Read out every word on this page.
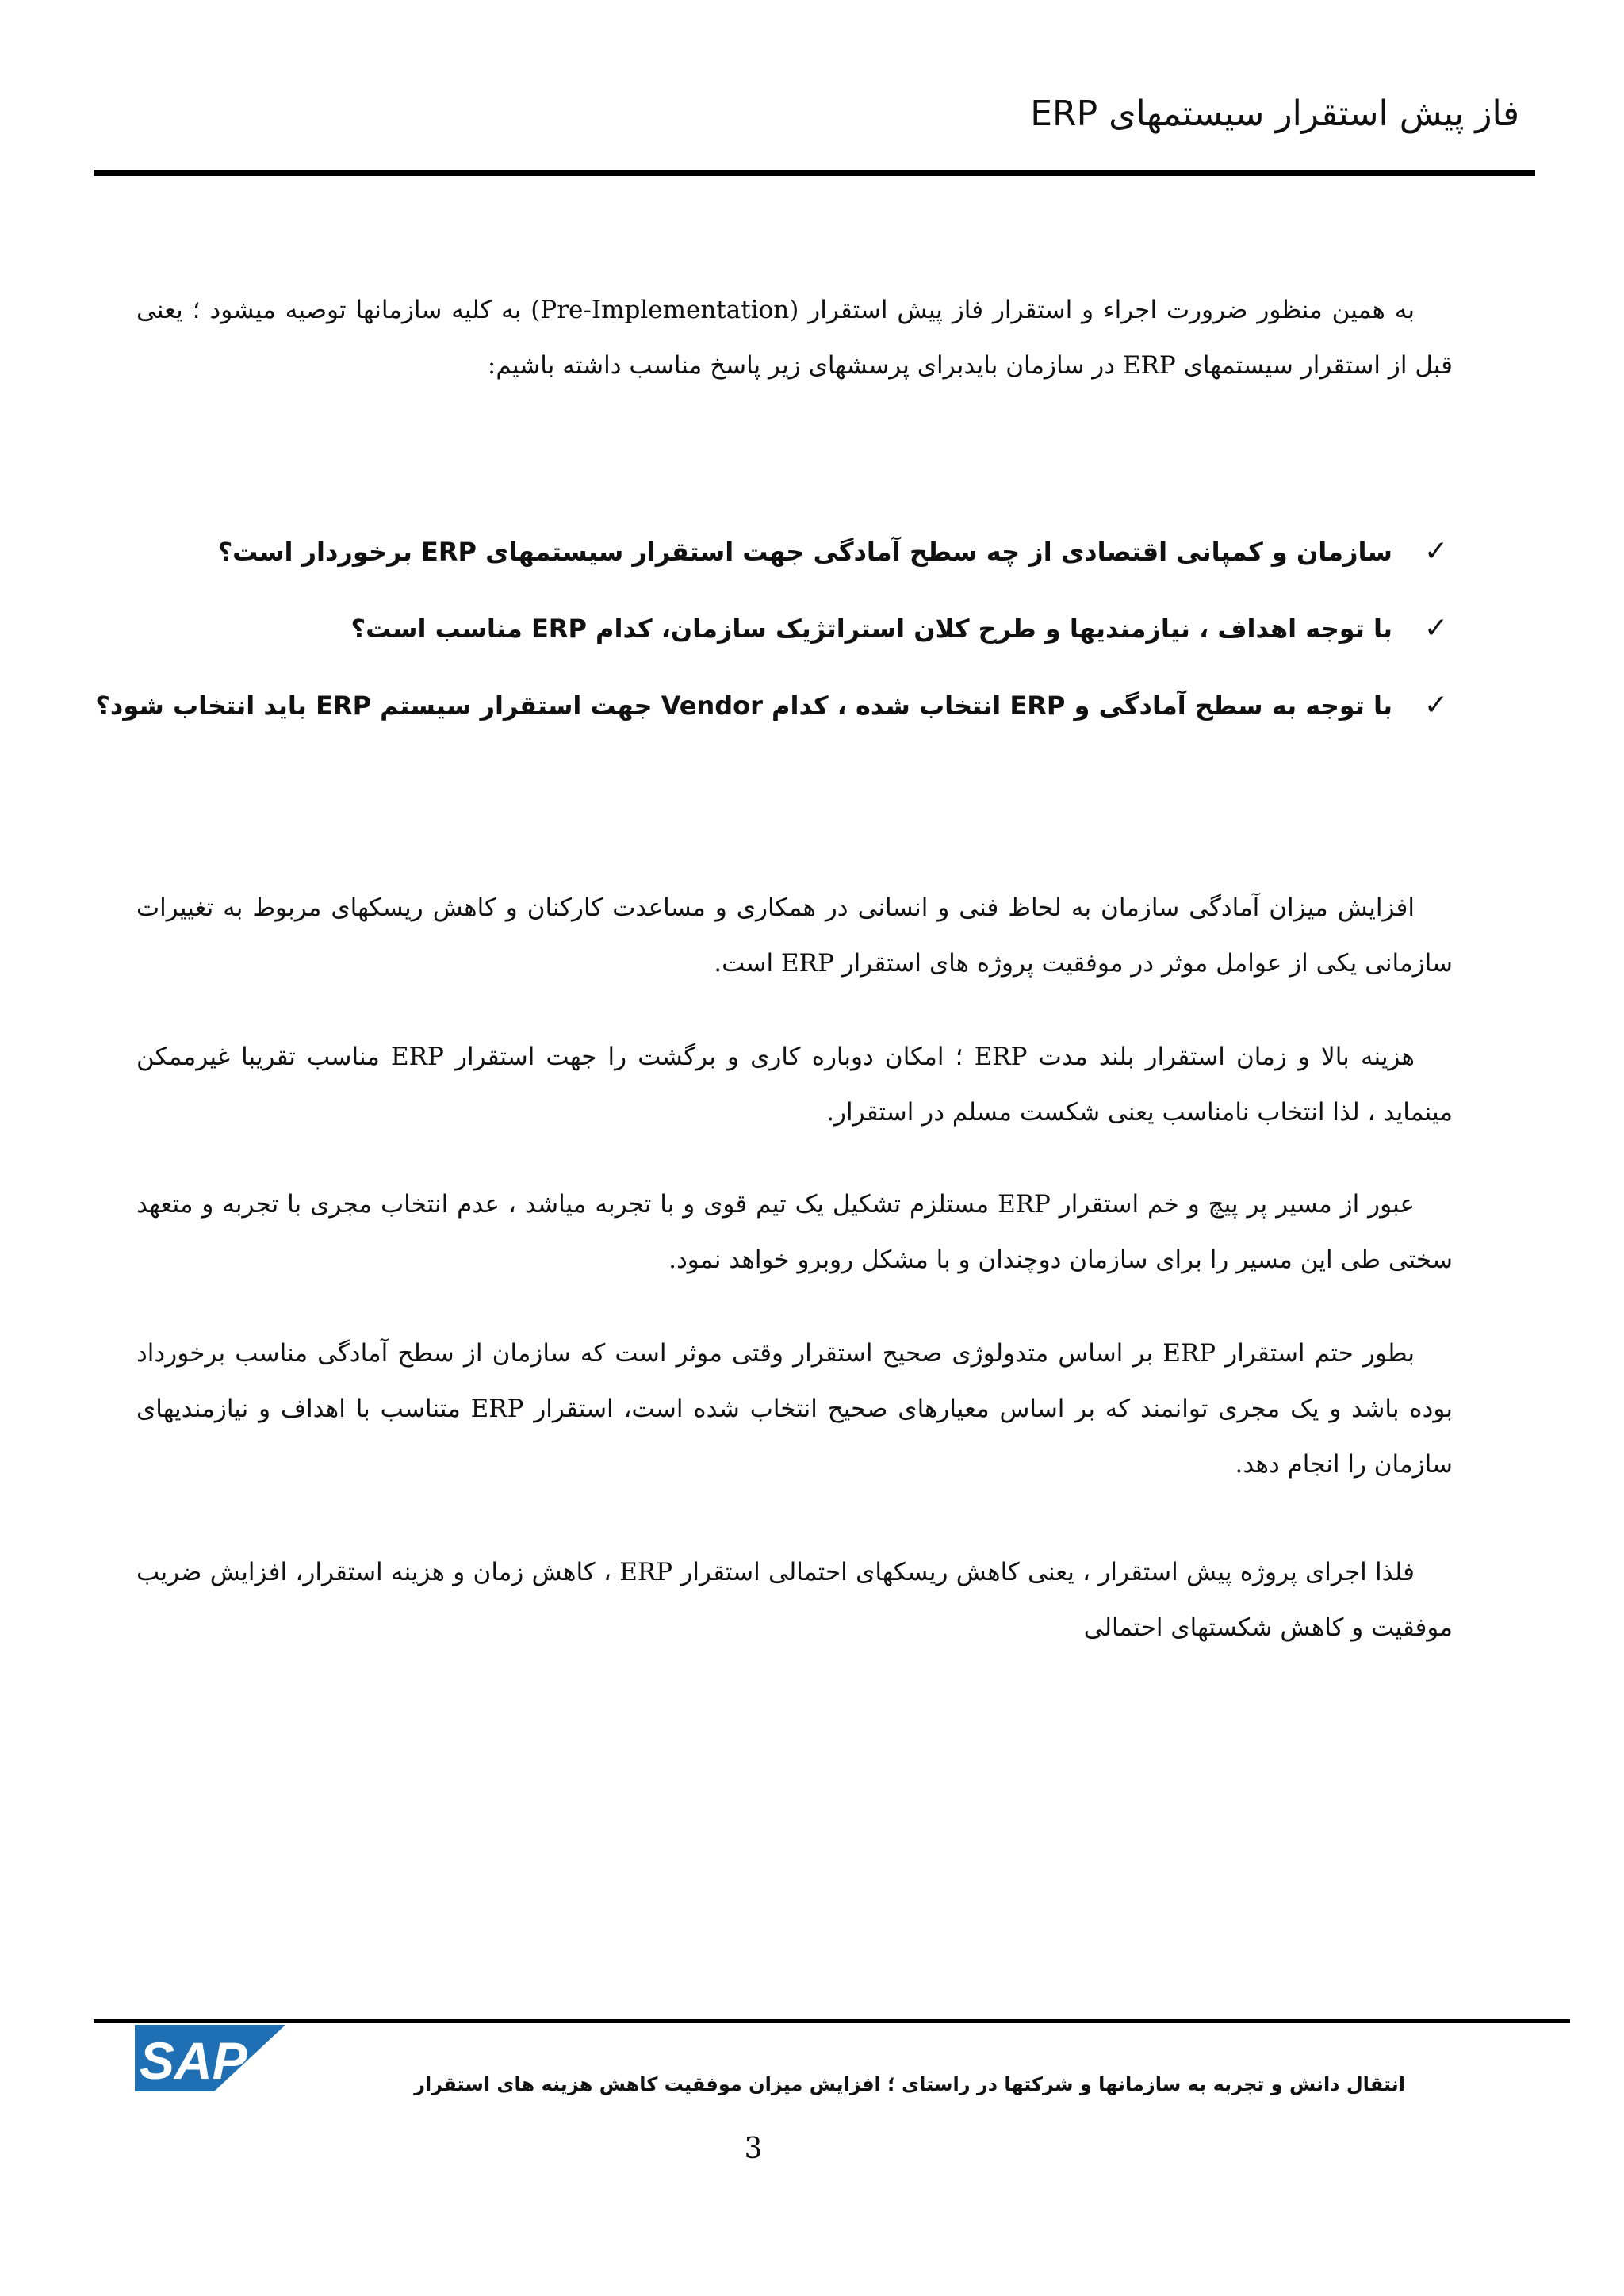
فاز پیش استقرار سیستمهای ERP
به همین منظور ضرورت اجراء و استقرار فاز پیش استقرار (Pre-Implementation) به کلیه سازمانها توصیه میشود ؛ یعنی قبل از استقرار سیستمهای ERP در سازمان بایدبرای پرسشهای زیر پاسخ مناسب داشته باشیم:
✓
سازمان و کمپانی اقتصادی از چه سطح آمادگی جهت استقرار سیستمهای ERP برخوردار است؟
✓
با توجه اهداف ، نیازمندیها و طرح کلان استراتژیک سازمان، کدام ERP مناسب است؟
✓
با توجه به سطح آمادگی و ERP انتخاب شده ، کدام Vendor جهت استقرار سیستم ERP باید انتخاب شود؟
افزایش میزان آمادگی سازمان به لحاظ فنی و انسانی در همکاری و مساعدت کارکنان و کاهش ریسکهای مربوط به تغییرات سازمانی یکی از عوامل موثر در موفقیت پروژه های استقرار ERP است.
هزینه بالا و زمان استقرار بلند مدت ERP ؛ امکان دوباره کاری و برگشت را جهت استقرار ERP مناسب تقریبا غیرممکن مینماید ، لذا انتخاب نامناسب یعنی شکست مسلم در استقرار.
عبور از مسیر پر پیچ و خم استقرار ERP مستلزم تشکیل یک تیم قوی و با تجربه میاشد ، عدم انتخاب مجری با تجربه و متعهد سختی طی این مسیر را برای سازمان دوچندان و با مشکل روبرو خواهد نمود.
بطور حتم استقرار ERP بر اساس متدولوژی صحیح استقرار وقتی موثر است که سازمان از سطح آمادگی مناسب برخورداد بوده باشد و یک مجری توانمند که بر اساس معیارهای صحیح انتخاب شده است، استقرار ERP متناسب با اهداف و نیازمندیهای سازمان را انجام دهد.
فلذا اجرای پروژه پیش استقرار ، یعنی کاهش ریسکهای احتمالی استقرار ERP ، کاهش زمان و هزینه استقرار، افزایش ضریب موفقیت و کاهش شکستهای احتمالی
SAP	انتقال دانش و تجربه به سازمانها و شرکتها در راستای ؛ افزایش میزان موفقیت کاهش هزینه های استقرار
3
